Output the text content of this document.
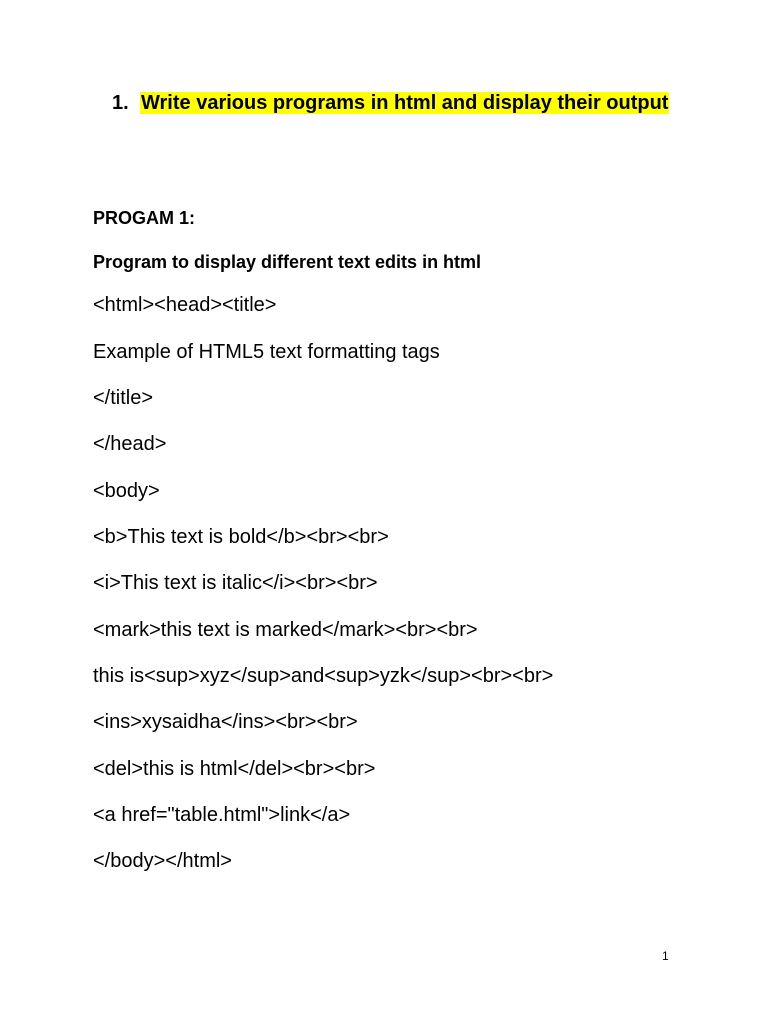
1. Write various programs in html and display their output
PROGAM 1:
Program to display different text edits in html
<html><head><title>
Example of HTML5 text formatting tags
</title>
</head>
<body>
<b>This text is bold</b><br><br>
<i>This text is italic</i><br><br>
<mark>this text is marked</mark><br><br>
this is<sup>xyz</sup>and<sup>yzk</sup><br><br>
<ins>xysaidha</ins><br><br>
<del>this is html</del><br><br>
<a href="table.html">link</a>
</body></html>
1
